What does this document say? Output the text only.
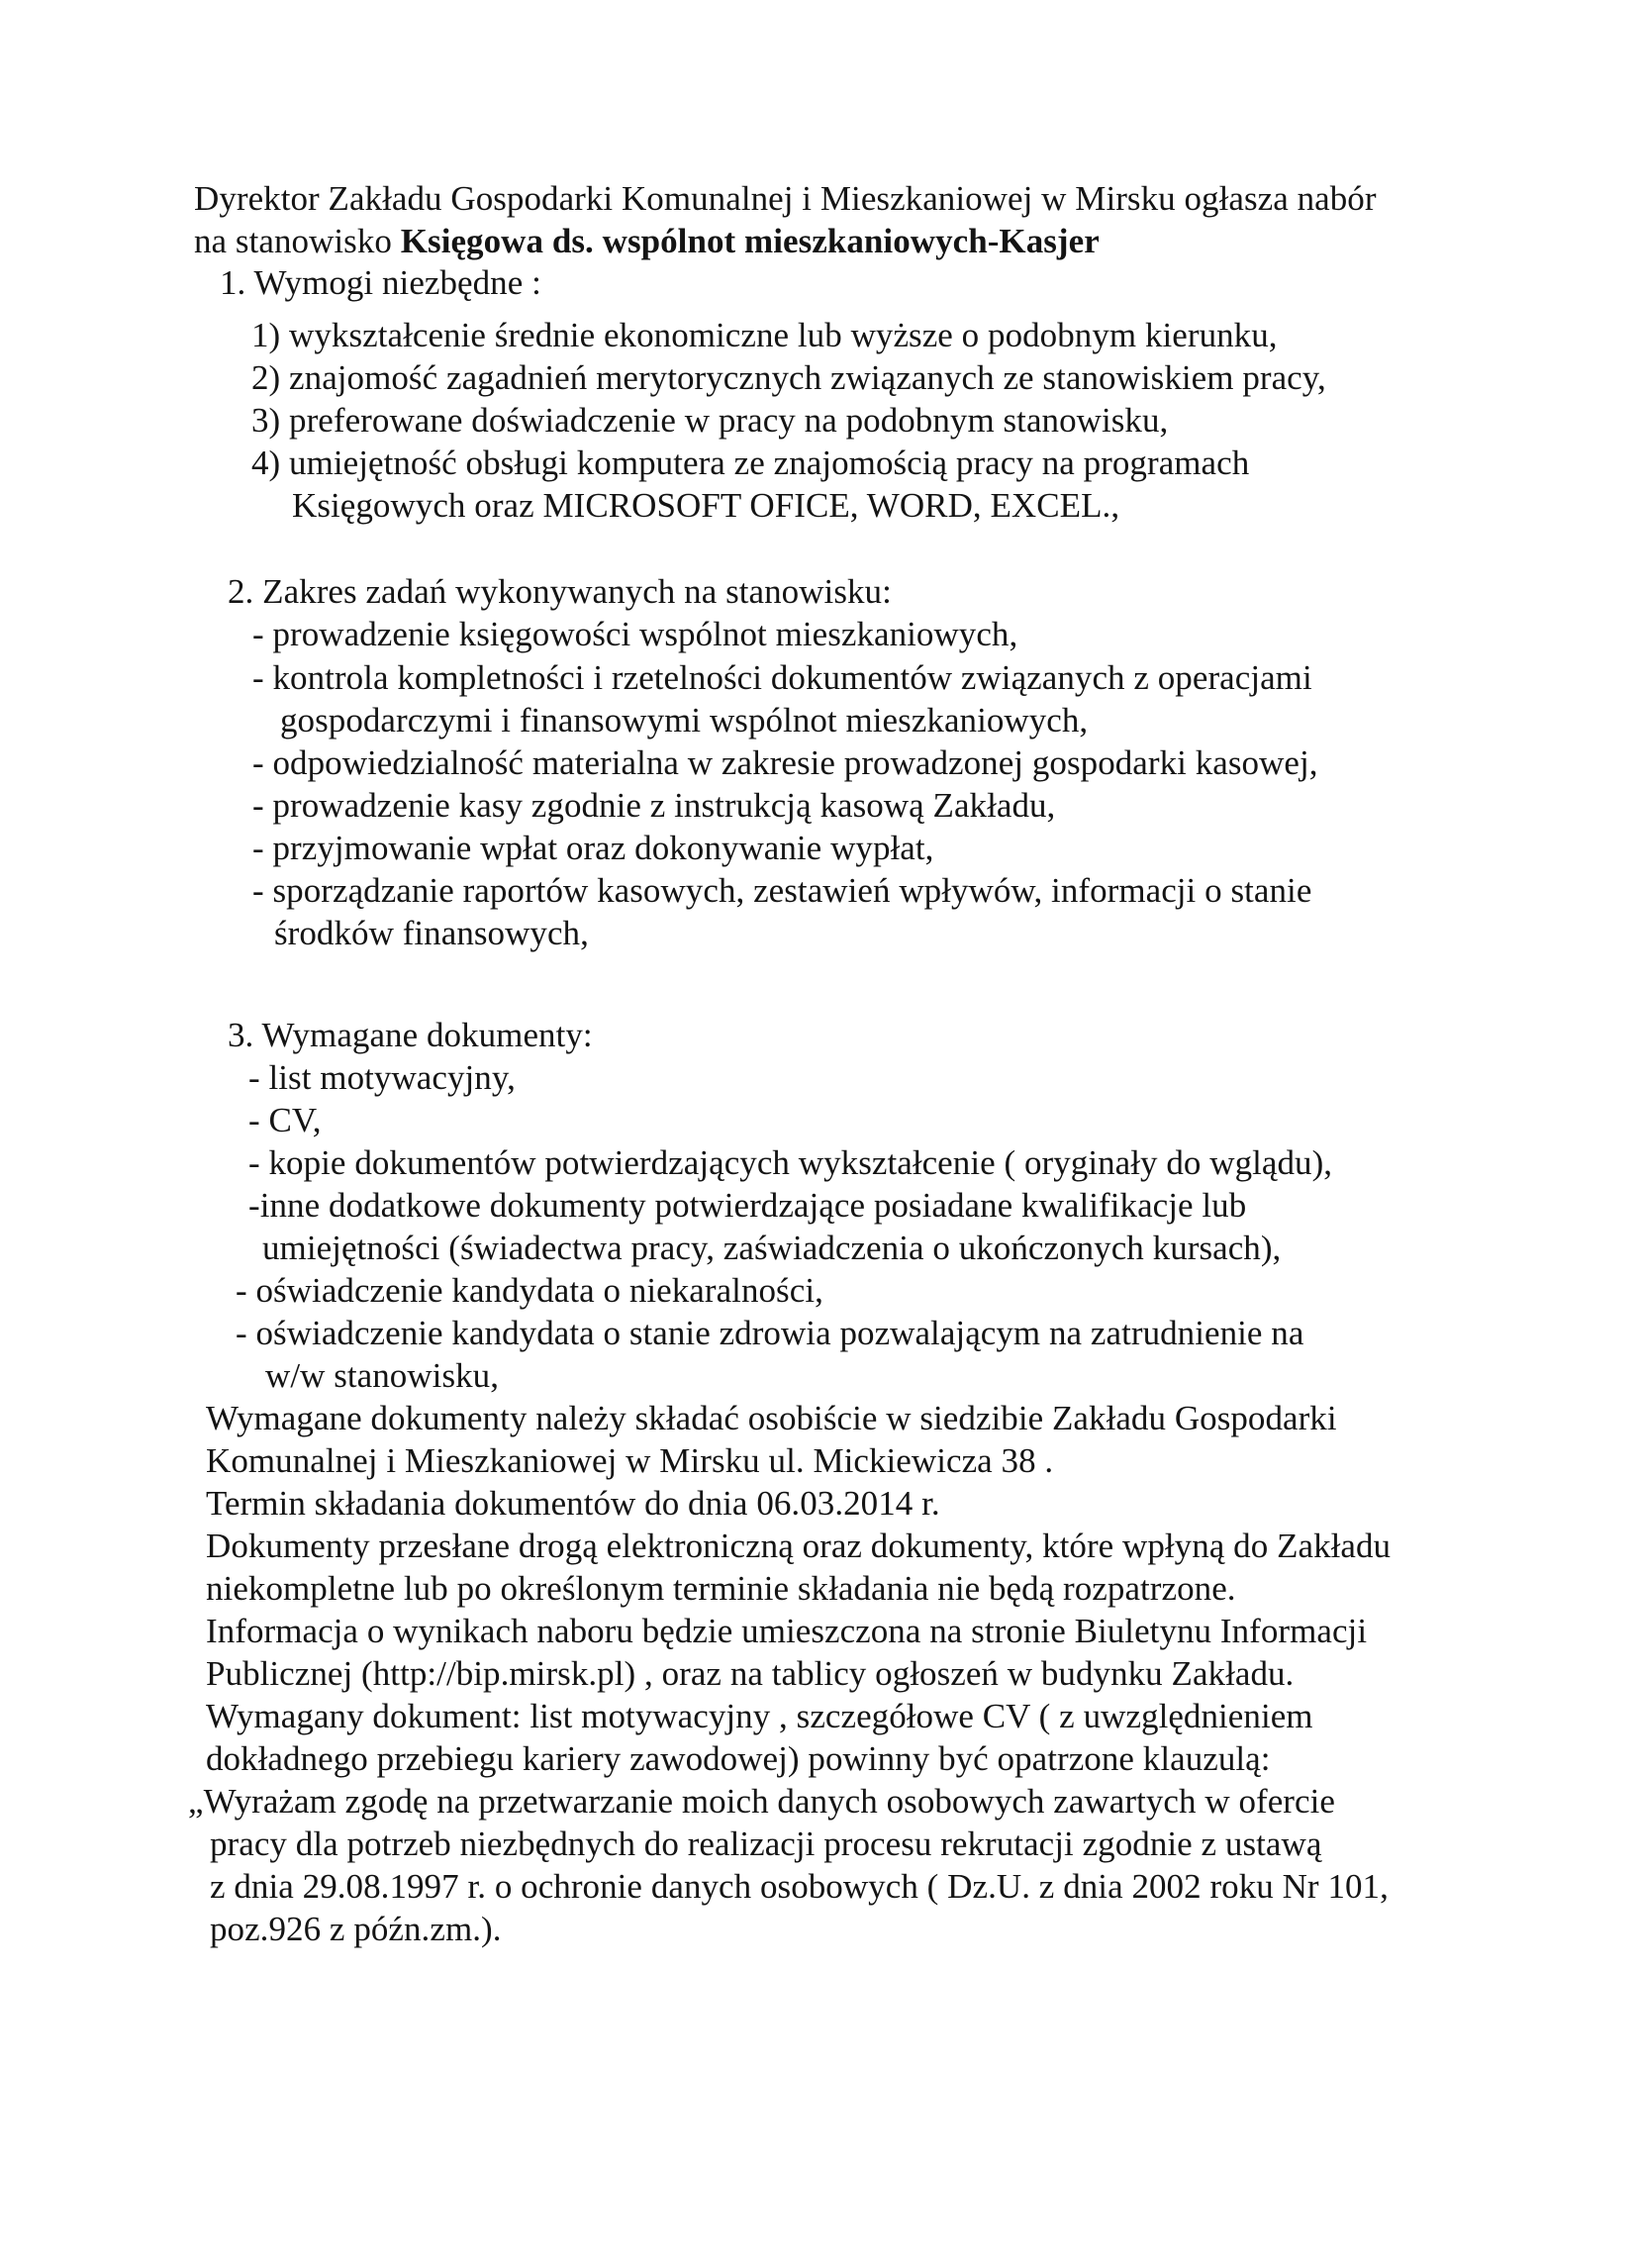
Dyrektor Zakładu Gospodarki Komunalnej i Mieszkaniowej w Mirsku ogłasza nabór
na stanowisko Księgowa ds. wspólnot mieszkaniowych-Kasjer
1. Wymogi niezbędne :
1) wykształcenie średnie ekonomiczne lub wyższe o podobnym kierunku,
2) znajomość zagadnień merytorycznych związanych ze stanowiskiem pracy,
3) preferowane doświadczenie w pracy na podobnym stanowisku,
4) umiejętność obsługi komputera ze znajomością pracy na programach
Księgowych oraz MICROSOFT OFICE, WORD, EXCEL.,
2. Zakres zadań wykonywanych na stanowisku:
- prowadzenie księgowości wspólnot mieszkaniowych,
- kontrola kompletności i rzetelności dokumentów związanych z operacjami
gospodarczymi i finansowymi wspólnot mieszkaniowych,
- odpowiedzialność materialna w zakresie prowadzonej gospodarki kasowej,
- prowadzenie kasy zgodnie z instrukcją kasową Zakładu,
- przyjmowanie wpłat oraz dokonywanie wypłat,
- sporządzanie raportów kasowych, zestawień wpływów, informacji o stanie
środków finansowych,
3. Wymagane dokumenty:
- list motywacyjny,
- CV,
- kopie dokumentów potwierdzających wykształcenie ( oryginały do wglądu),
-inne dodatkowe dokumenty potwierdzające posiadane kwalifikacje lub
umiejętności (świadectwa pracy, zaświadczenia o ukończonych kursach),
- oświadczenie kandydata o niekaralności,
- oświadczenie kandydata o stanie zdrowia pozwalającym na zatrudnienie na
w/w stanowisku,
Wymagane dokumenty należy składać osobiście w siedzibie Zakładu Gospodarki
Komunalnej i Mieszkaniowej w Mirsku ul. Mickiewicza 38 .
Termin składania dokumentów do dnia 06.03.2014 r.
Dokumenty przesłane drogą elektroniczną oraz dokumenty, które wpłyną do Zakładu
niekompletne lub po określonym terminie składania nie będą rozpatrzone.
Informacja o wynikach naboru będzie umieszczona na stronie Biuletynu Informacji
Publicznej (http://bip.mirsk.pl) , oraz na tablicy ogłoszeń w budynku Zakładu.
Wymagany dokument: list motywacyjny , szczegółowe CV ( z uwzględnieniem
dokładnego przebiegu kariery zawodowej) powinny być opatrzone klauzulą:
„Wyrażam zgodę na przetwarzanie moich danych osobowych zawartych w ofercie
pracy dla potrzeb niezbędnych do realizacji procesu rekrutacji zgodnie z ustawą
z dnia 29.08.1997 r. o ochronie danych osobowych ( Dz.U. z dnia 2002 roku Nr 101,
poz.926 z późn.zm.).
